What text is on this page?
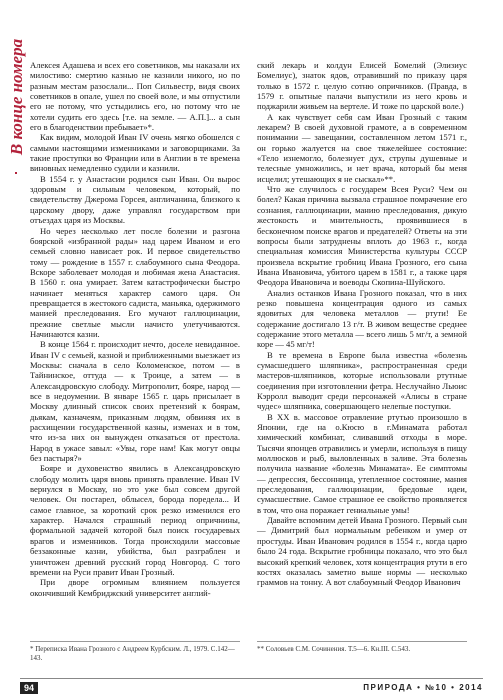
В конце номера Алексея Адашева и всех его советников, мы наказали их милостиво: смертию казнью не казнили никого, но по разным местам разослали... Поп Сильвестр, видя своих советников в опале, ушел по своей воле, и мы отпустили его не потому, что устыдились его, но потому что не хотели судить его здесь [т.е. на земле. — А.П.]... а сын его в благоденствии пребывает»*.

Как видим, молодой Иван IV очень мягко обошелся с самыми настоящими изменниками и заговорщиками. За такие проступки во Франции или в Англии в те времена виновных немедленно судили и казнили.

В 1554 г. у Анастасии родился сын Иван. Он вырос здоровым и сильным человеком, который, по свидетельству Джерома Горсея, англичанина, близкого к царскому двору, даже управлял государством при отъездах царя из Москвы.

Но через несколько лет после болезни и разгона боярской «избранной рады» над царем Иваном и его семьей словно нависает рок. И первое свидетельство тому — рождение в 1557 г. слабоумного сына Феодора. Вскоре заболевает молодая и любимая жена Анастасия. В 1560 г. она умирает. Затем катастрофически быстро начинает меняться характер самого царя. Он превращается в жестокого садиста, маньяка, одержимого манией преследования. Его мучают галлюцинации, прежние светлые мысли начисто улетучиваются. Начинаются казни.

В конце 1564 г. происходит нечто, доселе невиданное. Иван IV с семьей, казной и приближенными выезжает из Москвы: сначала в село Коломенское, потом — в Тайнинское, оттуда — к Троице, а затем — в Александровскую слободу. Митрополит, бояре, народ — все в недоумении. В январе 1565 г. царь присылает в Москву длинный список своих претензий к боярам, дьякам, казначеям, приказным людям, обвиняя их в расхищении государственной казны, изменах и в том, что из-за них он вынужден отказаться от престола. Народ в ужасе завыл: «Увы, горе нам! Как могут овцы без пастыря?»

Бояре и духовенство явились в Александровскую слободу молить царя вновь принять правление. Иван IV вернулся в Москву, но это уже был совсем другой человек. Он постарел, облысел, борода поредела... И самое главное, за короткий срок резко изменился его характер. Начался страшный период опричнины, формальной задачей которой был поиск государевых врагов и изменников. Тогда происходили массовые беззаконные казни, убийства, был разграблен и уничтожен древний русский город Новгород. С того времени на Руси правит Иван Грозный.

При дворе огромным влиянием пользуется окончивший Кембриджский университет англий-

ский лекарь и колдун Елисей Бомелий (Элизиус Бомелиус), знаток ядов, отравивший по приказу царя только в 1572 г. целую сотню опричников. (Правда, в 1579 г. опытные палачи выпустили из него кровь и поджарили живьем на вертеле. И тоже по царской воле.)

А как чувствует себя сам Иван Грозный с таким лекарем? В своей духовной грамоте, а в современном понимании — завещании, составленном летом 1571 г., он горько жалуется на свое тяжелейшее состояние: «Тело изнемогло, болезнует дух, струпы душевные и телесные умножились, и нет врача, который бы меня исцелил; утешающих я не сыскал»**.

Что же случилось с государем Всея Руси? Чем он болел? Какая причина вызвала страшное помрачение его сознания, галлюцинации, манию преследования, дикую жестокость и мнительность, проявившиеся в бесконечном поиске врагов и предателей? Ответы на эти вопросы были затруднены вплоть до 1963 г., когда специальная комиссия Министерства культуры СССР произвела вскрытие гробниц Ивана Грозного, его сына Ивана Ивановича, убитого царем в 1581 г., а также царя Феодора Ивановича и воеводы Скопина-Шуйского.

Анализ останков Ивана Грозного показал, что в них резко повышена концентрация одного из самых ядовитых для человека металлов — ртути! Ее содержание достигало 13 г/т. В живом веществе среднее содержание этого металла — всего лишь 5 мг/т, а земной коре — 45 мг/т!

В те времена в Европе была известна «болезнь сумасшедшего шляпника», распространенная среди мастеров-шляпников, которые использовали ртутные соединения при изготовлении фетра. Неслучайно Льюис Кэрролл выводит среди персонажей «Алисы в стране чудес» шляпника, совершающего нелепые поступки.

В XX в. массовое отравление ртутью произошло в Японии, где на о.Кюсю в г.Минамата работал химический комбинат, сливавший отходы в море. Тысячи японцев отравились и умерли, используя в пищу моллюсков и рыб, выловленных в заливе. Эта болезнь получила название «болезнь Минамата». Ее симптомы — депрессия, бессонница, утепленное состояние, мания преследования, галлюцинации, бредовые идеи, сумасшествие. Самое страшное ее свойство проявляется в том, что она поражает гениальные умы!

Давайте вспомним детей Ивана Грозного. Первый сын — Димитрий был нормальным ребенком и умер от простуды. Иван Иванович родился в 1554 г., когда царю было 24 года. Вскрытие гробницы показало, что это был высокий крепкий человек, хотя концентрация ртути в его костях оказалась заметно выше нормы — несколько граммов на тонну. А вот слабоумный Феодор Иванович

* Переписка Ивана Грозного с Андреем Курбским. Л., 1979. С.142—143.
** Соловьев С.М. Сочинения. Т.5—6. Кн.III. С.543.
94	ПРИРОДА • №10 • 2014
